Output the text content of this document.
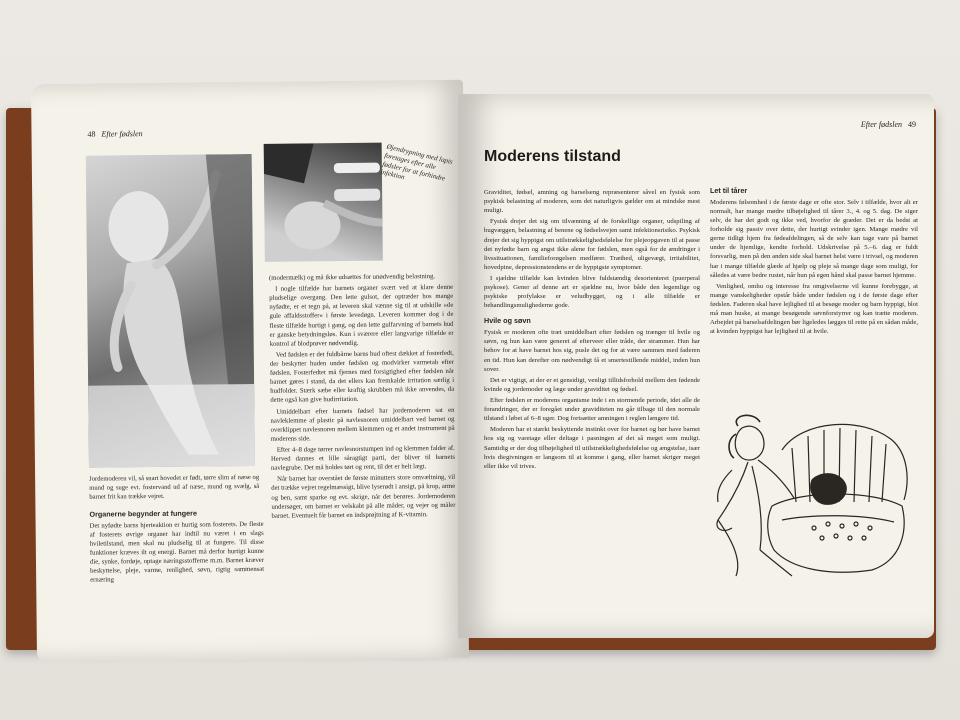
48 Efter fødslen
Øjendrypning med lapis foretages efter alle fødsler for at forhindre infektion
Jordemoderen vil, så snart hovedet er født, tørre slim af næse og mund og suge evt. fostervand ud af næse, mund og svælg, så barnet frit kan trække vejret.
Organerne begynder at fungere

Det nyfødte barns hjerteaktion er hurtig som fosterets. De fleste af fosterets øvrige organer har indtil nu været i en slags hviletilstand, men skal nu pludselig til at fungere. Til disse funktioner kræves ilt og energi. Barnet må derfor hurtigt kunne die, synke, fordøje, optage næringsstofferne m.m. Barnet kræver beskyttelse, pleje, varme, renlighed, søvn, rigtig sammensat ernæring

(modermælk) og må ikke udsættes for unødvendig belastning.

I nogle tilfælde har barnets organer svært ved at klare denne pludselige overgang. Den lette gulsot, der optræder hos mange nyfødte, er et tegn på, at leveren skal vænne sig til at udskille »de gule affaldsstoffer« i første levedøgn. Leveren kommer dog i de fleste tilfælde hurtigt i gang, og den lette gulfarvning af barnets hud er ganske betydningsløs. Kun i sværere eller langvarige tilfælde er kontrol af blodprøver nødvendig.

Ved fødslen er det fuldbårne barns hud oftest dækket af fosterfedt, der beskytter huden under fødslen og modvirker varmetab efter fødslen. Fosterfedtet må fjernes med forsigtighed efter fødslen når barnet gøres i stand, da det ellers kan fremkalde irritation særlig i hudfolder. Stærk sæbe eller kraftig skrubben må ikke anvendes, da dette også kan give hudirritation.

Umiddelbart efter barnets fødsel har jordemoderen sat en navleklemme af plastic på navlesnoren umiddelbart ved barnet og overklippet navlesnoren mellem klemmen og et andet instrument på moderens side.

Efter 4–8 dage tørrer navlesnorstumpen ind og klemmen falder af. Herved dannes et lille såragtigt parti, der bliver til barnets navlegrube. Det må holdes tørt og rent, til det er helt lægt.

Når barnet har overstået de første minutters store omvæltning, vil det trække vejret regelmæssigt, blive lyserødt i ansigt, på krop, arme og ben, samt sparke og evt. skrige, når det berøres. Jordemoderen undersøger, om barnet er velskabt på alle måder, og vejer og måler barnet. Eventuelt får barnet en indsprøjtning af K-vitamin.

Efter fødslen 49
Moderens tilstand

Graviditet, fødsel, amning og barselseng repræsenterer såvel en fysisk som psykisk belastning af moderen, som det naturligvis gælder om at mindske mest muligt.

Fysisk drejer det sig om tilvænning af de forskellige organer, udspiling af bugvæggen, belastning af benene og fødselsvejen samt infektionsrisiko. Psykisk drejer det sig hyppigst om utilstrækkelighedsfølelse for plejeopgaven til at passe det nyfødte barn og angst ikke alene for fødslen, men også for de ændringer i livssituationen, familieforøgelsen medfører. Træthed, uligevægt, irritabilitet, hovedpine, depressionstendens er de hyppigste symptomer.

I sjældne tilfælde kan kvinden blive fuldstændig desorienteret (puerperal psykose). Gener af denne art er sjældne nu, hvor både den legemlige og psykiske profylakse er veludbygget, og i alle tilfælde er behandlingsmulighederne gode.

Hvile og søvn

Fysisk er moderen ofte træt umiddelbart efter fødslen og trænger til hvile og søvn, og hun kan være generet af efterveer eller tråde, der strammer. Hun har behov for at have barnet hos sig, pusle det og for at være sammen med faderen en tid. Hun kan derefter om nødvendigt få et smertestillende middel, inden hun sover.

Det er vigtigt, at der er et gensidigt, venligt tillidsforhold mellem den fødende kvinde og jordemoder og læge under graviditet og fødsel.

Efter fødslen er moderens organisme inde i en stormende periode, idet alle de forandringer, der er foregået under graviditeten nu går tilbage til den normale tilstand i løbet af 6–8 uger. Dog fortsætter amningen i reglen længere tid.

Moderen har et stærkt beskyttende instinkt over for barnet og bør have barnet hos sig og varetage eller deltage i pasningen af det så meget som muligt. Samtidig er der dog tilbøjelighed til utilstrækkelighedsfølelse og ængstelse, især hvis diegivningen er langsom til at komme i gang, eller barnet skriger meget eller ikke vil trives.

Let til tårer

Moderens følsomhed i de første dage er ofte stor. Selv i tilfælde, hvor alt er normalt, har mange mødre tilbøjelighed til tårer 3., 4. og 5. dag. De siger selv, de har det godt og ikke ved, hvorfor de græder. Det er da bedst at forholde sig passiv over dette, der hurtigt svinder igen. Mange mødre vil gerne tidligt hjem fra fødeafdelingen, så de selv kan tage vare på barnet under de hjemlige, kendte forhold. Udskrivelse på 5.–6. dag er fuldt forsvarlig, men på den anden side skal barnet helst være i trivsel, og moderen har i mange tilfælde glæde af hjælp og pleje så mange dage som muligt, for således at være bedre rustet, når hun på egen hånd skal passe barnet hjemme.

Venlighed, omhu og interesse fra omgivelserne vil kunne forebygge, at mange vanskeligheder opstår både under fødslen og i de første dage efter fødslen. Faderen skal have lejlighed til at besøge moder og barn hyppigt, blot må man huske, at mange besøgende søvnforstyrrer og kan trætte moderen. Arbejdet på barselsafdelingen bør ligeledes lægges til rette på en sådan måde, at kvinden hyppigst har lejlighed til at hvile.
